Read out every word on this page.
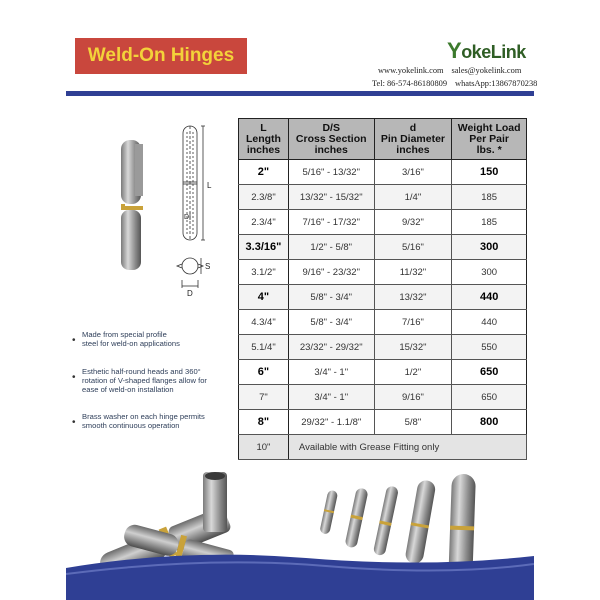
Weld-On Hinges	YokeLink
www.yokelink.com sales@yokelink.com
Tel: 86-574-86180809 whatsApp:13867870238
L
D
S
D
L
Length
inches	D/S
Cross Section
inches	d
Pin Diameter
inches	Weight Load
Per Pair
lbs. *
2"	5/16" - 13/32"	3/16"	150
2.3/8"	13/32" - 15/32"	1/4"	185
2.3/4"	7/16" - 17/32"	9/32"	185
3.3/16"	1/2" - 5/8"	5/16"	300
3.1/2"	9/16" - 23/32"	11/32"	300
4"	5/8" - 3/4"	13/32"	440
4.3/4"	5/8" - 3/4"	7/16"	440
5.1/4"	23/32" - 29/32"	15/32"	550
6"	3/4" - 1"	1/2"	650
7"	3/4" - 1"	9/16"	650
8"	29/32" - 1.1/8"	5/8"	800
10"	Available with Grease Fitting only		
• Made from special profile
steel for weld-on applications
• Esthetic half-round heads and 360°
rotation of V-shaped flanges allow for
ease of weld-on installation
• Brass washer on each hinge permits
smooth continuous operation
